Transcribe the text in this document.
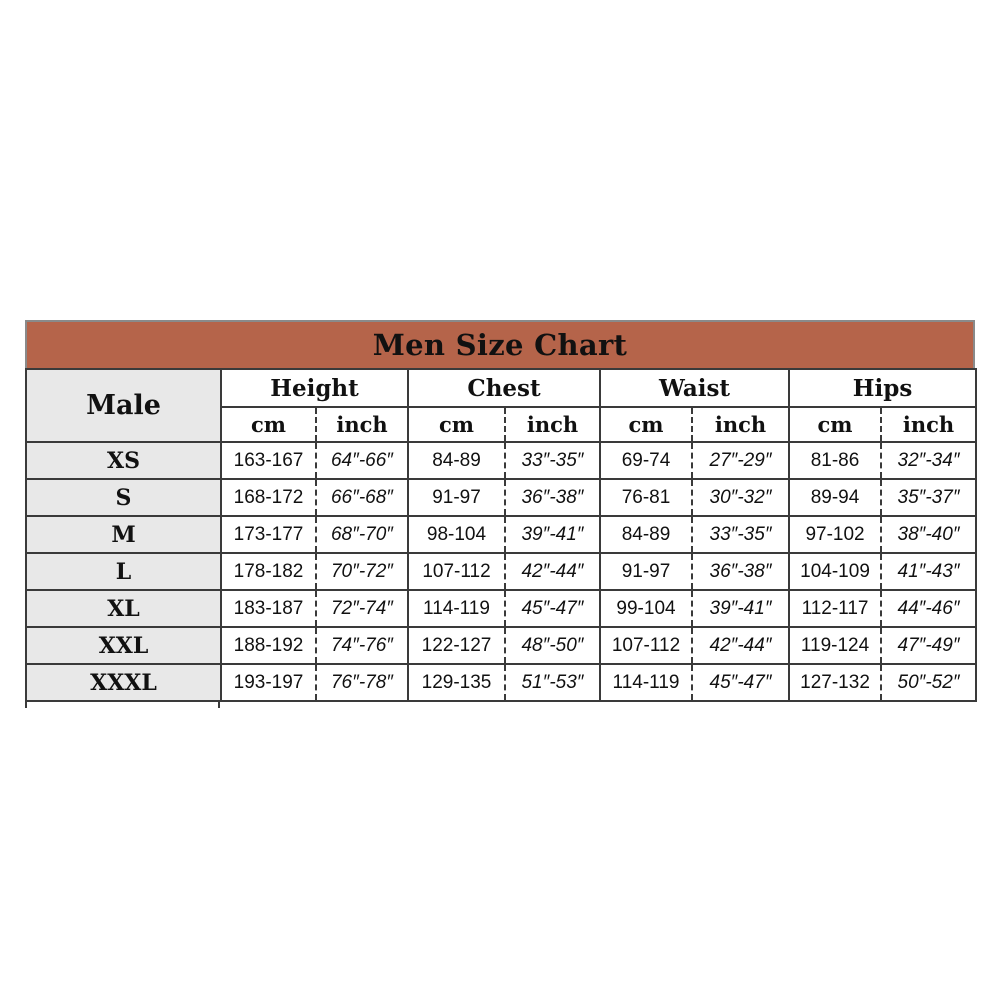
Men Size Chart
Male	Height		Chest		Waist		Hips	
	cm	inch	cm	inch	cm	inch	cm	inch
XS	163-167	64″-66″	84-89	33″-35″	69-74	27″-29″	81-86	32″-34″
S	168-172	66″-68″	91-97	36″-38″	76-81	30″-32″	89-94	35″-37″
M	173-177	68″-70″	98-104	39″-41″	84-89	33″-35″	97-102	38″-40″
L	178-182	70″-72″	107-112	42″-44″	91-97	36″-38″	104-109	41″-43″
XL	183-187	72″-74″	114-119	45″-47″	99-104	39″-41″	112-117	44″-46″
XXL	188-192	74″-76″	122-127	48″-50″	107-112	42″-44″	119-124	47″-49″
XXXL	193-197	76″-78″	129-135	51″-53″	114-119	45″-47″	127-132	50″-52″
